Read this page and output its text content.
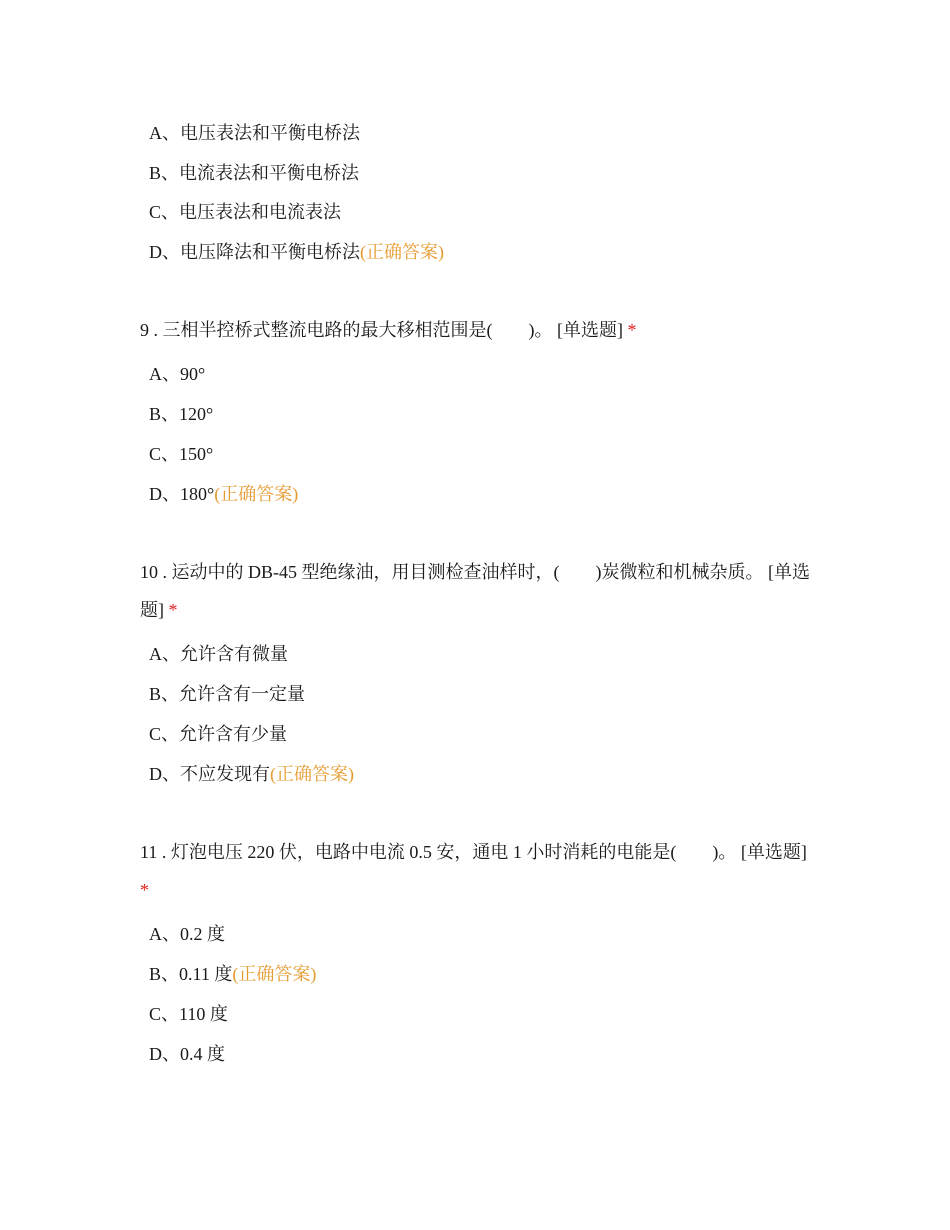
A、电压表法和平衡电桥法
B、电流表法和平衡电桥法
C、电压表法和电流表法
D、电压降法和平衡电桥法(正确答案)
9 . 三相半控桥式整流电路的最大移相范围是( )。 [单选题] *
A、90°
B、120°
C、150°
D、180°(正确答案)
10 . 运动中的 DB-45 型绝缘油，用目测检查油样时，( )炭微粒和机械杂质。 [单选题] *
A、允许含有微量
B、允许含有一定量
C、允许含有少量
D、不应发现有(正确答案)
11 . 灯泡电压 220 伏，电路中电流 0.5 安，通电 1 小时消耗的电能是( )。 [单选题] *
A、0.2 度
B、0.11 度(正确答案)
C、110 度
D、0.4 度
